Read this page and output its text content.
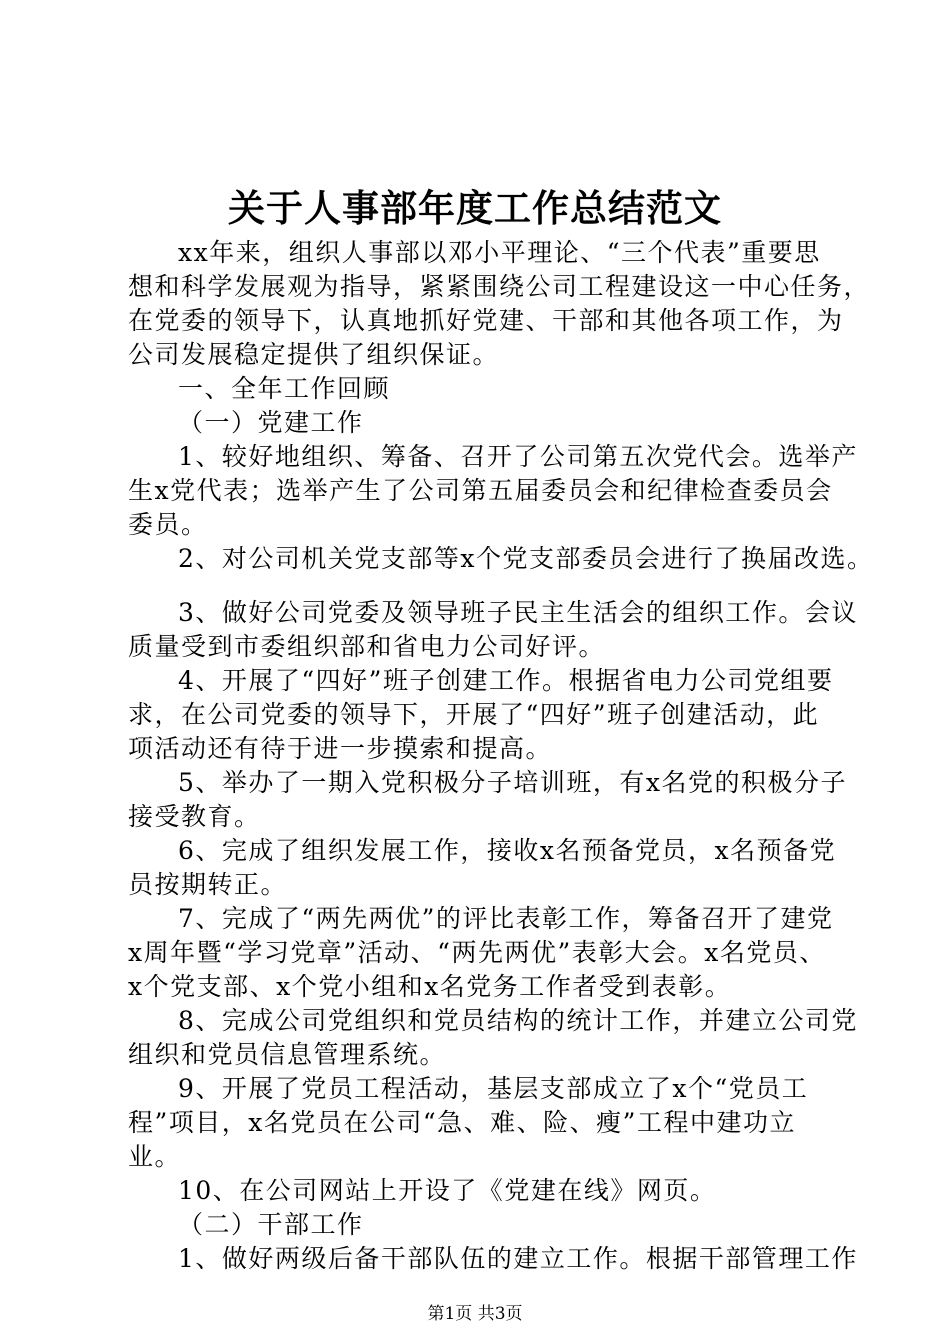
关于人事部年度工作总结范文
xx年来，组织人事部以邓小平理论、“三个代表”重要思
想和科学发展观为指导，紧紧围绕公司工程建设这一中心任务，
在党委的领导下，认真地抓好党建、干部和其他各项工作，为
公司发展稳定提供了组织保证。
一、全年工作回顾
（一）党建工作
1、较好地组织、筹备、召开了公司第五次党代会。选举产
生x党代表；选举产生了公司第五届委员会和纪律检查委员会
委员。
2、对公司机关党支部等x个党支部委员会进行了换届改选。
3、做好公司党委及领导班子民主生活会的组织工作。会议
质量受到市委组织部和省电力公司好评。
4、开展了“四好”班子创建工作。根据省电力公司党组要
求，在公司党委的领导下，开展了“四好”班子创建活动，此
项活动还有待于进一步摸索和提高。
5、举办了一期入党积极分子培训班，有x名党的积极分子
接受教育。
6、完成了组织发展工作，接收x名预备党员，x名预备党
员按期转正。
7、完成了“两先两优”的评比表彰工作，筹备召开了建党
x周年暨“学习党章”活动、“两先两优”表彰大会。x名党员、
x个党支部、x个党小组和x名党务工作者受到表彰。
8、完成公司党组织和党员结构的统计工作，并建立公司党
组织和党员信息管理系统。
9、开展了党员工程活动，基层支部成立了x个“党员工
程”项目，x名党员在公司“急、难、险、瘦”工程中建功立
业。
10、在公司网站上开设了《党建在线》网页。
（二）干部工作
1、做好两级后备干部队伍的建立工作。根据干部管理工作
第1页 共3页
